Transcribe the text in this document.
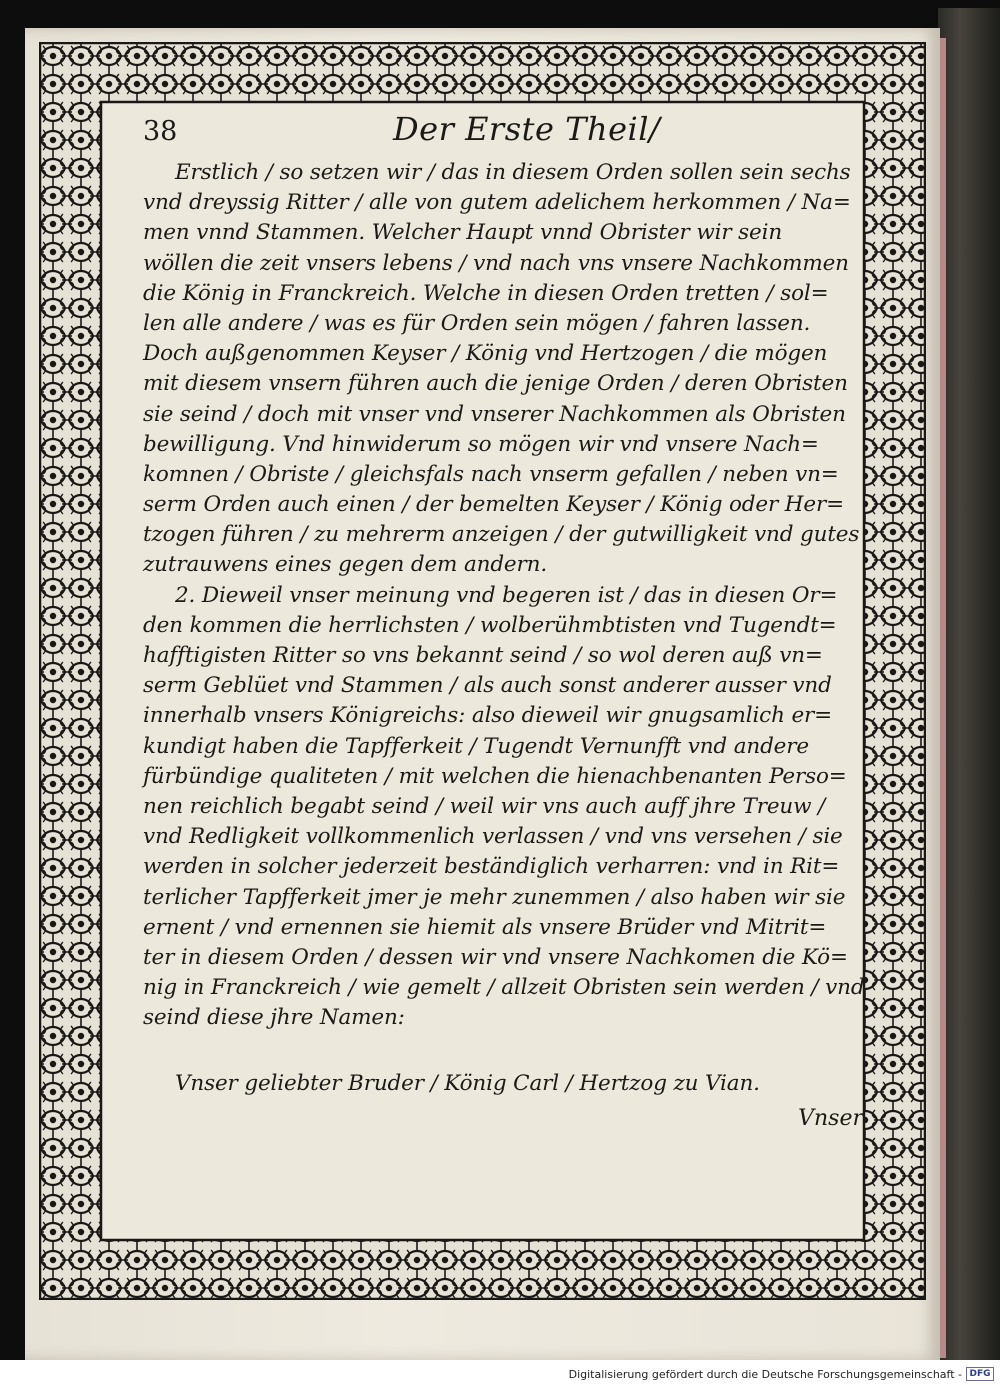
38	Der Erste Theil/
Erstlich / so setzen wir / das in diesem Orden sollen sein sechs
vnd dreyssig Ritter / alle von gutem adelichem herkommen / Na=
men vnnd Stammen. Welcher Haupt vnnd Obrister wir sein
wöllen die zeit vnsers lebens / vnd nach vns vnsere Nachkommen
die König in Franckreich. Welche in diesen Orden tretten / sol=
len alle andere / was es für Orden sein mögen / fahren lassen.
Doch außgenommen Keyser / König vnd Hertzogen / die mögen
mit diesem vnsern führen auch die jenige Orden / deren Obristen
sie seind / doch mit vnser vnd vnserer Nachkommen als Obristen
bewilligung. Vnd hinwiderum so mögen wir vnd vnsere Nach=
komnen / Obriste / gleichsfals nach vnserm gefallen / neben vn=
serm Orden auch einen / der bemelten Keyser / König oder Her=
tzogen führen / zu mehrerm anzeigen / der gutwilligkeit vnd gutes
zutrauwens eines gegen dem andern.
2. Dieweil vnser meinung vnd begeren ist / das in diesen Or=
den kommen die herrlichsten / wolberühmbtisten vnd Tugendt=
hafftigisten Ritter so vns bekannt seind / so wol deren auß vn=
serm Geblüet vnd Stammen / als auch sonst anderer ausser vnd
innerhalb vnsers Königreichs: also dieweil wir gnugsamlich er=
kundigt haben die Tapfferkeit / Tugendt Vernunfft vnd andere
fürbündige qualiteten / mit welchen die hienachbenanten Perso=
nen reichlich begabt seind / weil wir vns auch auff jhre Treuw /
vnd Redligkeit vollkommenlich verlassen / vnd vns versehen / sie
werden in solcher jederzeit beständiglich verharren: vnd in Rit=
terlicher Tapfferkeit jmer je mehr zunemmen / also haben wir sie
ernent / vnd ernennen sie hiemit als vnsere Brüder vnd Mitrit=
ter in diesem Orden / dessen wir vnd vnsere Nachkomen die Kö=
nig in Franckreich / wie gemelt / allzeit Obristen sein werden / vnd
seind diese jhre Namen:
Vnser geliebter Bruder / König Carl / Hertzog zu Vian.
Vnser
Digitalisierung gefördert durch die Deutsche Forschungsgemeinschaft - DFG
